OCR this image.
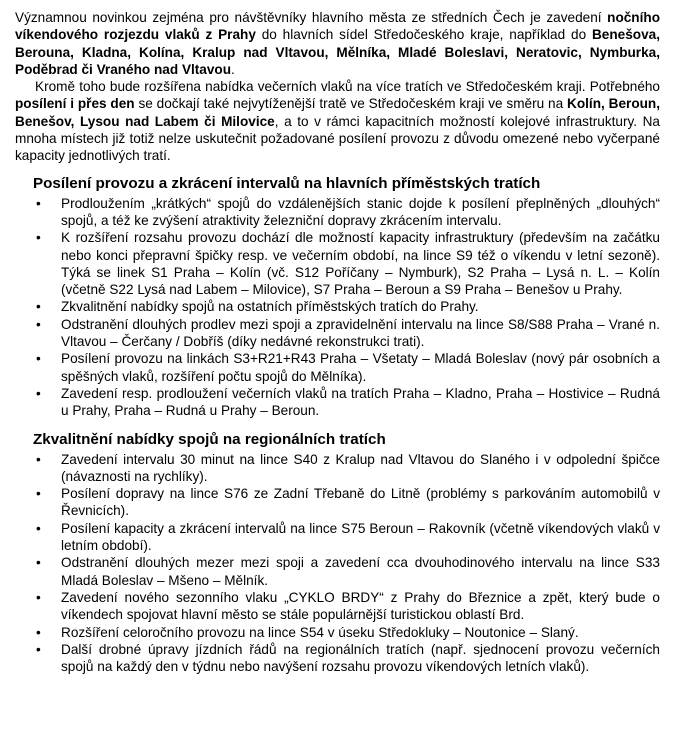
Významnou novinkou zejména pro návštěvníky hlavního města ze středních Čech je zavedení nočního víkendového rozjezdu vlaků z Prahy do hlavních sídel Středočeského kraje, například do Benešova, Berouna, Kladna, Kolína, Kralup nad Vltavou, Mělníka, Mladé Boleslavi, Neratovic, Nymburka, Poděbrad či Vraného nad Vltavou.

Kromě toho bude rozšířena nabídka večerních vlaků na více tratích ve Středočeském kraji. Potřebného posílení i přes den se dočkají také nejvytíženější tratě ve Středočeském kraji ve směru na Kolín, Beroun, Benešov, Lysou nad Labem či Milovice, a to v rámci kapacitních možností kolejové infrastruktury. Na mnoha místech již totiž nelze uskutečnit požadované posílení provozu z důvodu omezené nebo vyčerpané kapacity jednotlivých tratí.

Posílení provozu a zkrácení intervalů na hlavních příměstských tratích
• Prodloužením „krátkých“ spojů do vzdálenějších stanic dojde k posílení přeplněných „dlouhých“ spojů, a též ke zvýšení atraktivity železniční dopravy zkrácením intervalu.
• K rozšíření rozsahu provozu dochází dle možností kapacity infrastruktury (především na začátku nebo konci přepravní špičky resp. ve večerním období, na lince S9 též o víkendu v letní sezoně). Týká se linek S1 Praha – Kolín (vč. S12 Poříčany – Nymburk), S2 Praha – Lysá n. L. – Kolín (včetně S22 Lysá nad Labem – Milovice), S7 Praha – Beroun a S9 Praha – Benešov u Prahy.
• Zkvalitnění nabídky spojů na ostatních příměstských tratích do Prahy.
• Odstranění dlouhých prodlev mezi spoji a zpravidelnění intervalu na lince S8/S88 Praha – Vrané n. Vltavou – Čerčany / Dobříš (díky nedávné rekonstrukci trati).
• Posílení provozu na linkách S3+R21+R43 Praha – Všetaty – Mladá Boleslav (nový pár osobních a spěšných vlaků, rozšíření počtu spojů do Mělníka).
• Zavedení resp. prodloužení večerních vlaků na tratích Praha – Kladno, Praha – Hostivice – Rudná u Prahy, Praha – Rudná u Prahy – Beroun.
Zkvalitnění nabídky spojů na regionálních tratích
• Zavedení intervalu 30 minut na lince S40 z Kralup nad Vltavou do Slaného i v odpolední špičce (návaznosti na rychlíky).
• Posílení dopravy na lince S76 ze Zadní Třebaně do Litně (problémy s parkováním automobilů v Řevnicích).
• Posílení kapacity a zkrácení intervalů na lince S75 Beroun – Rakovník (včetně víkendových vlaků v letním období).
• Odstranění dlouhých mezer mezi spoji a zavedení cca dvouhodinového intervalu na lince S33 Mladá Boleslav – Mšeno – Mělník.
• Zavedení nového sezonního vlaku „CYKLO BRDY“ z Prahy do Březnice a zpět, který bude o víkendech spojovat hlavní město se stále populárnější turistickou oblastí Brd.
• Rozšíření celoročního provozu na lince S54 v úseku Středokluky – Noutonice – Slaný.
• Další drobné úpravy jízdních řádů na regionálních tratích (např. sjednocení provozu večerních spojů na každý den v týdnu nebo navýšení rozsahu provozu víkendových letních vlaků).
